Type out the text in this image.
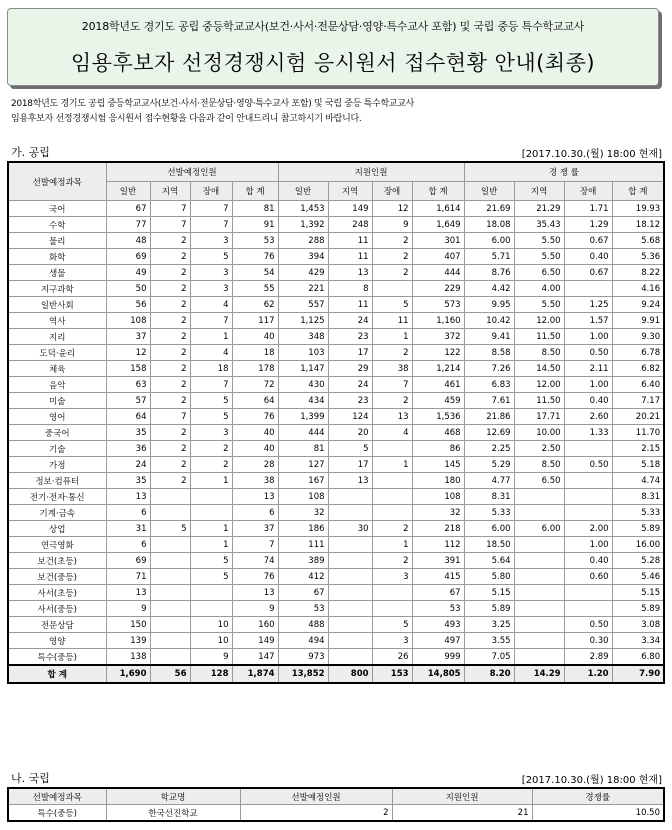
2018학년도 경기도 공립 중등학교교사(보건·사서·전문상담·영양·특수교사 포함) 및 국립 중등 특수학교교사
임용후보자 선정경쟁시험 응시원서 접수현황 안내(최종)
2018학년도 경기도 공립 중등학교교사(보건·사서·전문상담·영양·특수교사 포함) 및 국립 중등 특수학교교사
임용후보자 선정경쟁시험 응시원서 접수현황을 다음과 같이 안내드리니 참고하시기 바랍니다.
가. 공립	[2017.10.30.(월) 18:00 현재]
선발예정과목	선발예정인원				지원인원				경 쟁 률			
	일반	지역	장애	합 계	일반	지역	장애	합 계	일반	지역	장애	합 계
국어	67	7	7	81	1,453	149	12	1,614	21.69	21.29	1.71	19.93
수학	77	7	7	91	1,392	248	9	1,649	18.08	35.43	1.29	18.12
물리	48	2	3	53	288	11	2	301	6.00	5.50	0.67	5.68
화학	69	2	5	76	394	11	2	407	5.71	5.50	0.40	5.36
생물	49	2	3	54	429	13	2	444	8.76	6.50	0.67	8.22
지구과학	50	2	3	55	221	8		229	4.42	4.00		4.16
일반사회	56	2	4	62	557	11	5	573	9.95	5.50	1.25	9.24
역사	108	2	7	117	1,125	24	11	1,160	10.42	12.00	1.57	9.91
지리	37	2	1	40	348	23	1	372	9.41	11.50	1.00	9.30
도덕·윤리	12	2	4	18	103	17	2	122	8.58	8.50	0.50	6.78
체육	158	2	18	178	1,147	29	38	1,214	7.26	14.50	2.11	6.82
음악	63	2	7	72	430	24	7	461	6.83	12.00	1.00	6.40
미술	57	2	5	64	434	23	2	459	7.61	11.50	0.40	7.17
영어	64	7	5	76	1,399	124	13	1,536	21.86	17.71	2.60	20.21
중국어	35	2	3	40	444	20	4	468	12.69	10.00	1.33	11.70
기술	36	2	2	40	81	5		86	2.25	2.50		2.15
가정	24	2	2	28	127	17	1	145	5.29	8.50	0.50	5.18
정보·컴퓨터	35	2	1	38	167	13		180	4.77	6.50		4.74
전기·전자·통신	13			13	108			108	8.31			8.31
기계·금속	6			6	32			32	5.33			5.33
상업	31	5	1	37	186	30	2	218	6.00	6.00	2.00	5.89
연극영화	6		1	7	111		1	112	18.50		1.00	16.00
보건(초등)	69		5	74	389		2	391	5.64		0.40	5.28
보건(중등)	71		5	76	412		3	415	5.80		0.60	5.46
사서(초등)	13			13	67			67	5.15			5.15
사서(중등)	9			9	53			53	5.89			5.89
전문상담	150		10	160	488		5	493	3.25		0.50	3.08
영양	139		10	149	494		3	497	3.55		0.30	3.34
특수(중등)	138		9	147	973		26	999	7.05		2.89	6.80
합 계	1,690	56	128	1,874	13,852	800	153	14,805	8.20	14.29	1.20	7.90
나. 국립	[2017.10.30.(월) 18:00 현재]
선발예정과목	학교명	선발예정인원	지원인원	경쟁률
특수(중등)	한국선진학교	2	21	10.50
